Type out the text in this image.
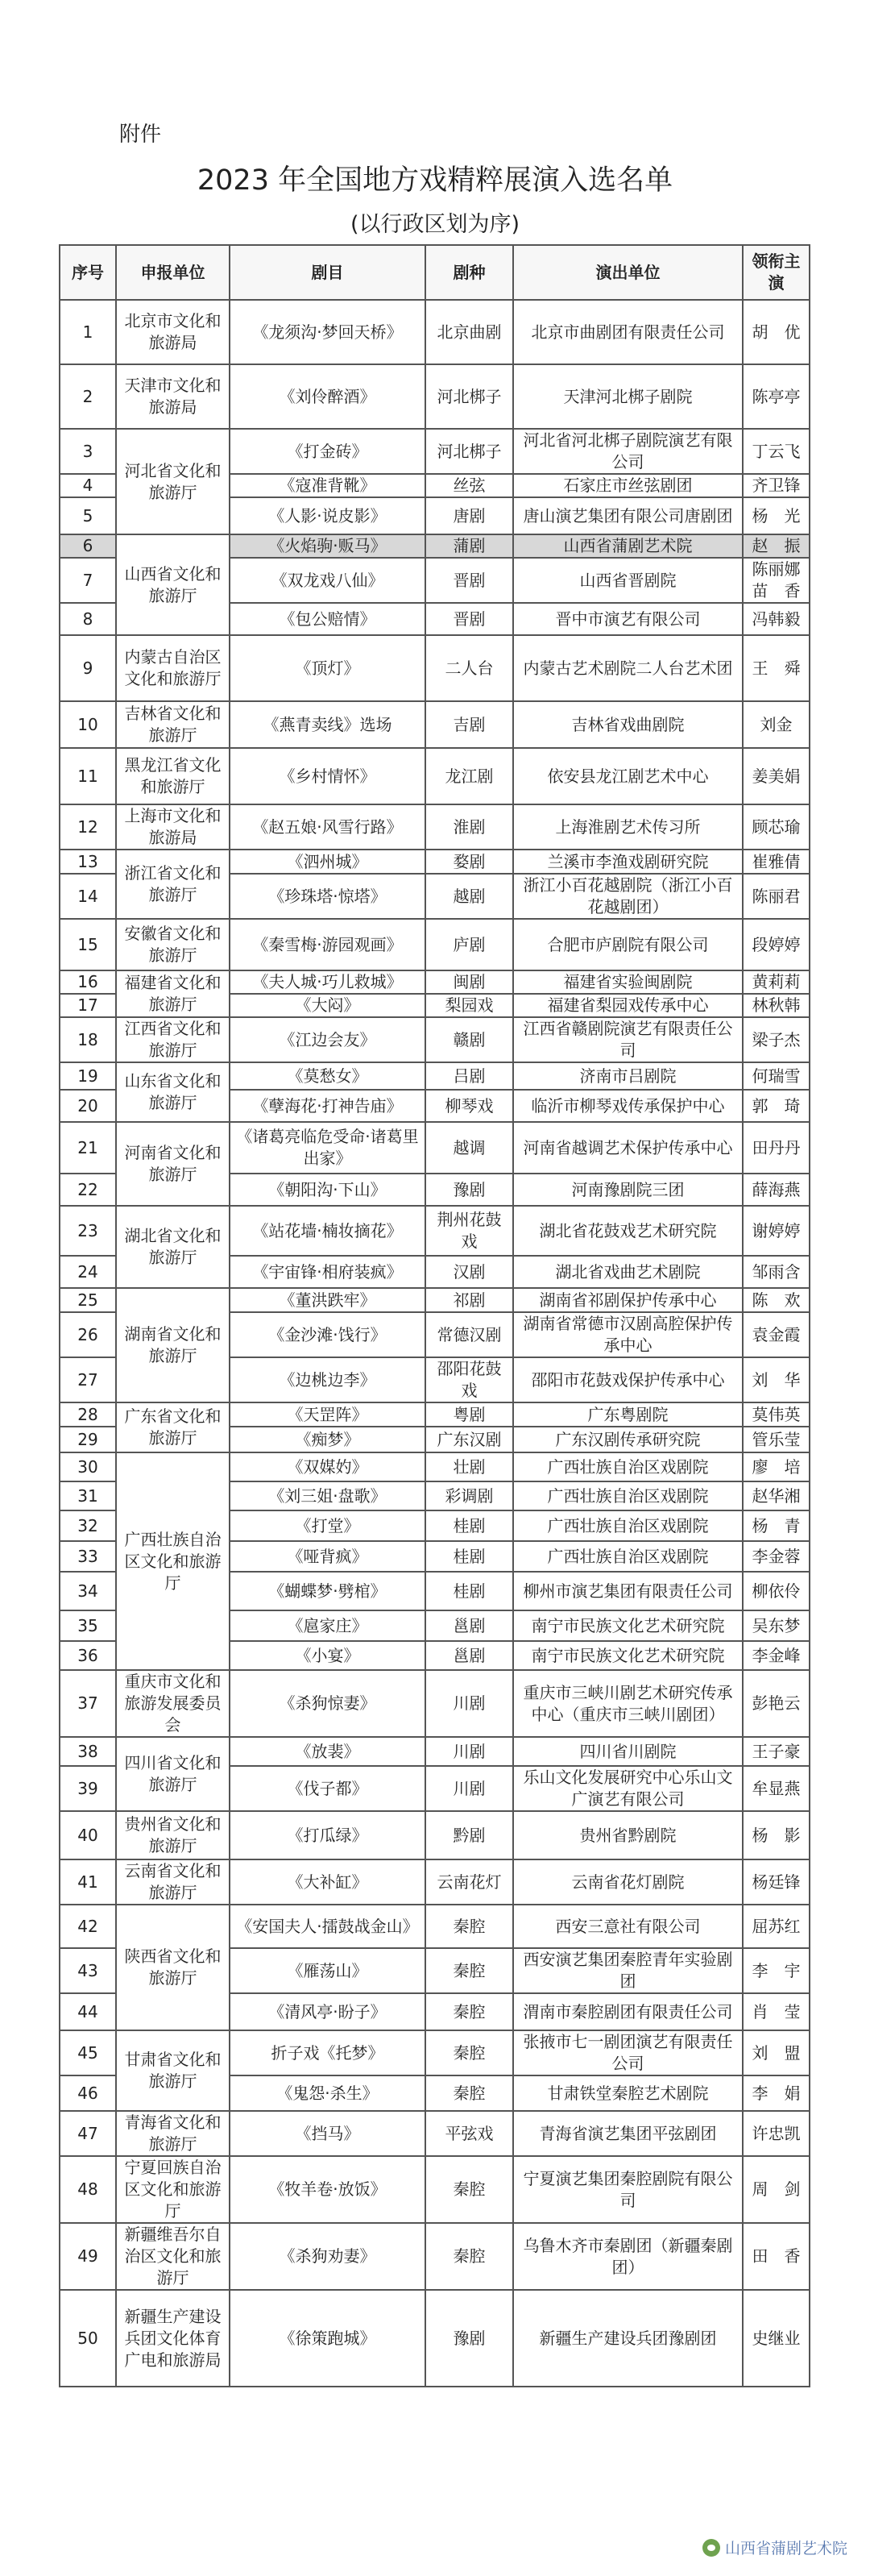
附件
2023 年全国地方戏精粹展演入选名单
(以行政区划为序)
序号	申报单位	剧目	剧种	演出单位	领衔主演
1	北京市文化和旅游局	《龙须沟·梦回天桥》	北京曲剧	北京市曲剧团有限责任公司	胡　优
2	天津市文化和旅游局	《刘伶醉酒》	河北梆子	天津河北梆子剧院	陈亭亭
3	河北省文化和旅游厅	《打金砖》	河北梆子	河北省河北梆子剧院演艺有限公司	丁云飞
4		《寇准背靴》	丝弦	石家庄市丝弦剧团	齐卫锋
5		《人影·说皮影》	唐剧	唐山演艺集团有限公司唐剧团	杨　光
6	山西省文化和旅游厅	《火焰驹·贩马》	蒲剧	山西省蒲剧艺术院	赵　振
7		《双龙戏八仙》	晋剧	山西省晋剧院	陈丽娜 苗　香
8		《包公赔情》	晋剧	晋中市演艺有限公司	冯韩毅
9	内蒙古自治区文化和旅游厅	《顶灯》	二人台	内蒙古艺术剧院二人台艺术团	王　舜
10	吉林省文化和旅游厅	《燕青卖线》选场	吉剧	吉林省戏曲剧院	刘金
11	黑龙江省文化和旅游厅	《乡村情怀》	龙江剧	依安县龙江剧艺术中心	姜美娟
12	上海市文化和旅游局	《赵五娘·风雪行路》	淮剧	上海淮剧艺术传习所	顾芯瑜
13	浙江省文化和旅游厅	《泗州城》	婺剧	兰溪市李渔戏剧研究院	崔雅倩
14		《珍珠塔·惊塔》	越剧	浙江小百花越剧院（浙江小百花越剧团）	陈丽君
15	安徽省文化和旅游厅	《秦雪梅·游园观画》	庐剧	合肥市庐剧院有限公司	段婷婷
16	福建省文化和旅游厅	《夫人城·巧儿救城》	闽剧	福建省实验闽剧院	黄莉莉
17		《大闷》	梨园戏	福建省梨园戏传承中心	林秋韩
18	江西省文化和旅游厅	《江边会友》	赣剧	江西省赣剧院演艺有限责任公司	梁子杰
19	山东省文化和旅游厅	《莫愁女》	吕剧	济南市吕剧院	何瑞雪
20		《孽海花·打神告庙》	柳琴戏	临沂市柳琴戏传承保护中心	郭　琦
21	河南省文化和旅游厅	《诸葛亮临危受命·诸葛里出家》	越调	河南省越调艺术保护传承中心	田丹丹
22		《朝阳沟·下山》	豫剧	河南豫剧院三团	薛海燕
23	湖北省文化和旅游厅	《站花墙·楠妆摘花》	荆州花鼓戏	湖北省花鼓戏艺术研究院	谢婷婷
24		《宇宙锋·相府装疯》	汉剧	湖北省戏曲艺术剧院	邹雨含
25	湖南省文化和旅游厅	《董洪跌牢》	祁剧	湖南省祁剧保护传承中心	陈　欢
26		《金沙滩·饯行》	常德汉剧	湖南省常德市汉剧高腔保护传承中心	袁金霞
27		《边桃边李》	邵阳花鼓戏	邵阳市花鼓戏保护传承中心	刘　华
28	广东省文化和旅游厅	《天罡阵》	粤剧	广东粤剧院	莫伟英
29		《痴梦》	广东汉剧	广东汉剧传承研究院	管乐莹
30	广西壮族自治区文化和旅游厅	《双媒妁》	壮剧	广西壮族自治区戏剧院	廖　培
31		《刘三姐·盘歌》	彩调剧	广西壮族自治区戏剧院	赵华湘
32		《打堂》	桂剧	广西壮族自治区戏剧院	杨　青
33		《哑背疯》	桂剧	广西壮族自治区戏剧院	李金蓉
34		《蝴蝶梦·劈棺》	桂剧	柳州市演艺集团有限责任公司	柳依伶
35		《扈家庄》	邕剧	南宁市民族文化艺术研究院	吴东梦
36		《小宴》	邕剧	南宁市民族文化艺术研究院	李金峰
37	重庆市文化和旅游发展委员会	《杀狗惊妻》	川剧	重庆市三峡川剧艺术研究传承中心（重庆市三峡川剧团）	彭艳云
38	四川省文化和旅游厅	《放裴》	川剧	四川省川剧院	王子豪
39		《伐子都》	川剧	乐山文化发展研究中心乐山文广演艺有限公司	牟显燕
40	贵州省文化和旅游厅	《打瓜绿》	黔剧	贵州省黔剧院	杨　影
41	云南省文化和旅游厅	《大补缸》	云南花灯	云南省花灯剧院	杨廷锋
42	陕西省文化和旅游厅	《安国夫人·擂鼓战金山》	秦腔	西安三意社有限公司	屈苏红
43		《雁荡山》	秦腔	西安演艺集团秦腔青年实验剧团	李　宇
44		《清风亭·盼子》	秦腔	渭南市秦腔剧团有限责任公司	肖　莹
45	甘肃省文化和旅游厅	折子戏《托梦》	秦腔	张掖市七一剧团演艺有限责任公司	刘　盟
46		《鬼怨·杀生》	秦腔	甘肃铁堂秦腔艺术剧院	李　娟
47	青海省文化和旅游厅	《挡马》	平弦戏	青海省演艺集团平弦剧团	许忠凯
48	宁夏回族自治区文化和旅游厅	《牧羊卷·放饭》	秦腔	宁夏演艺集团秦腔剧院有限公司	周　剑
49	新疆维吾尔自治区文化和旅游厅	《杀狗劝妻》	秦腔	乌鲁木齐市秦剧团（新疆秦剧团）	田　香
50	新疆生产建设兵团文化体育广电和旅游局	《徐策跑城》	豫剧	新疆生产建设兵团豫剧团	史继业
山西省蒲剧艺术院
